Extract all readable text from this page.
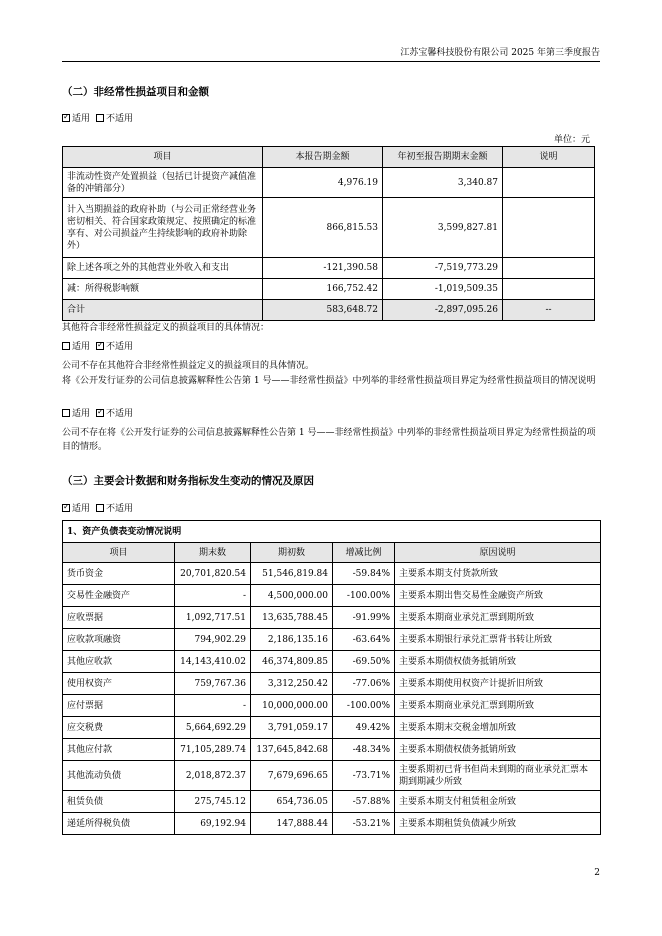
江苏宝馨科技股份有限公司 2025 年第三季度报告
（二）非经常性损益项目和金额
✓适用 不适用
单位：元
项目	本报告期金额	年初至报告期期末金额	说明
非流动性资产处置损益（包括已计提资产减值准备的冲销部分）	4,976.19	3,340.87	
计入当期损益的政府补助（与公司正常经营业务密切相关、符合国家政策规定、按照确定的标准享有、对公司损益产生持续影响的政府补助除外）	866,815.53	3,599,827.81	
除上述各项之外的其他营业外收入和支出	-121,390.58	-7,519,773.29	
减：所得税影响额	166,752.42	-1,019,509.35	
合计	583,648.72	-2,897,095.26	--
其他符合非经常性损益定义的损益项目的具体情况：
适用 ✓ 不适用
公司不存在其他符合非经常性损益定义的损益项目的具体情况。
将《公开发行证券的公司信息披露解释性公告第 1 号——非经常性损益》中列举的非经常性损益项目界定为经常性损益项目的情况说明
适用 ✓ 不适用
公司不存在将《公开发行证券的公司信息披露解释性公告第 1 号——非经常性损益》中列举的非经常性损益项目界定为经常性损益的项目的情形。
（三）主要会计数据和财务指标发生变动的情况及原因
✓适用 不适用
1、资产负债表变动情况说明				
项目	期末数	期初数	增减比例	原因说明
货币资金	20,701,820.54	51,546,819.84	-59.84%	主要系本期支付货款所致
交易性金融资产	-	4,500,000.00	-100.00%	主要系本期出售交易性金融资产所致
应收票据	1,092,717.51	13,635,788.45	-91.99%	主要系本期商业承兑汇票到期所致
应收款项融资	794,902.29	2,186,135.16	-63.64%	主要系本期银行承兑汇票背书转让所致
其他应收款	14,143,410.02	46,374,809.85	-69.50%	主要系本期债权债务抵销所致
使用权资产	759,767.36	3,312,250.42	-77.06%	主要系本期使用权资产计提折旧所致
应付票据	-	10,000,000.00	-100.00%	主要系本期商业承兑汇票到期所致
应交税费	5,664,692.29	3,791,059.17	49.42%	主要系本期末交税金增加所致
其他应付款	71,105,289.74	137,645,842.68	-48.34%	主要系本期债权债务抵销所致
其他流动负债	2,018,872.37	7,679,696.65	-73.71%	主要系期初已背书但尚未到期的商业承兑汇票本期到期减少所致
租赁负债	275,745.12	654,736.05	-57.88%	主要系本期支付租赁租金所致
递延所得税负债	69,192.94	147,888.44	-53.21%	主要系本期租赁负债减少所致
2
